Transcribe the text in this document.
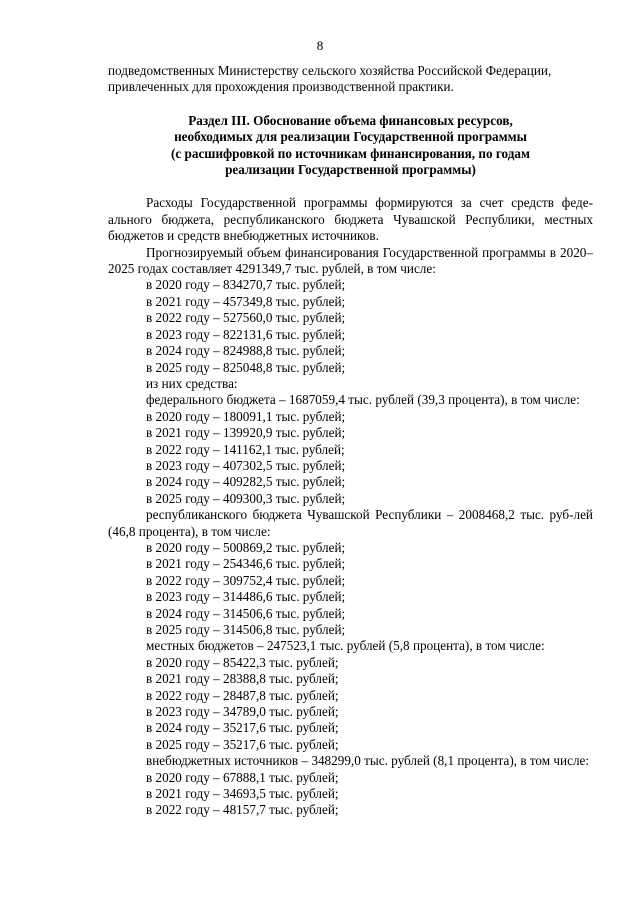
8

подведомственных Министерству сельского хозяйства Российской Федерации,
привлеченных для прохождения производственной практики.

Раздел III. Обоснование объема финансовых ресурсов,
необходимых для реализации Государственной программы
(с расшифровкой по источникам финансирования, по годам
реализации Государственной программы)

Расходы Государственной программы формируются за счет средств феде-ального бюджета, республиканского бюджета Чувашской Республики, местных бюджетов и средств внебюджетных источников.

Прогнозируемый объем финансирования Государственной программы в 2020–2025 годах составляет 4291349,7 тыс. рублей, в том числе:

в 2020 году – 834270,7 тыс. рублей;

в 2021 году – 457349,8 тыс. рублей;

в 2022 году – 527560,0 тыс. рублей;

в 2023 году – 822131,6 тыс. рублей;

в 2024 году – 824988,8 тыс. рублей;

в 2025 году – 825048,8 тыс. рублей;

из них средства:

федерального бюджета – 1687059,4 тыс. рублей (39,3 процента), в том числе:

в 2020 году – 180091,1 тыс. рублей;

в 2021 году – 139920,9 тыс. рублей;

в 2022 году – 141162,1 тыс. рублей;

в 2023 году – 407302,5 тыс. рублей;

в 2024 году – 409282,5 тыс. рублей;

в 2025 году – 409300,3 тыс. рублей;

республиканского бюджета Чувашской Республики – 2008468,2 тыс. руб-лей (46,8 процента), в том числе:

в 2020 году – 500869,2 тыс. рублей;

в 2021 году – 254346,6 тыс. рублей;

в 2022 году – 309752,4 тыс. рублей;

в 2023 году – 314486,6 тыс. рублей;

в 2024 году – 314506,6 тыс. рублей;

в 2025 году – 314506,8 тыс. рублей;

местных бюджетов – 247523,1 тыс. рублей (5,8 процента), в том числе:

в 2020 году – 85422,3 тыс. рублей;

в 2021 году – 28388,8 тыс. рублей;

в 2022 году – 28487,8 тыс. рублей;

в 2023 году – 34789,0 тыс. рублей;

в 2024 году – 35217,6 тыс. рублей;

в 2025 году – 35217,6 тыс. рублей;

внебюджетных источников – 348299,0 тыс. рублей (8,1 процента), в том числе:

в 2020 году – 67888,1 тыс. рублей;

в 2021 году – 34693,5 тыс. рублей;

в 2022 году – 48157,7 тыс. рублей;
